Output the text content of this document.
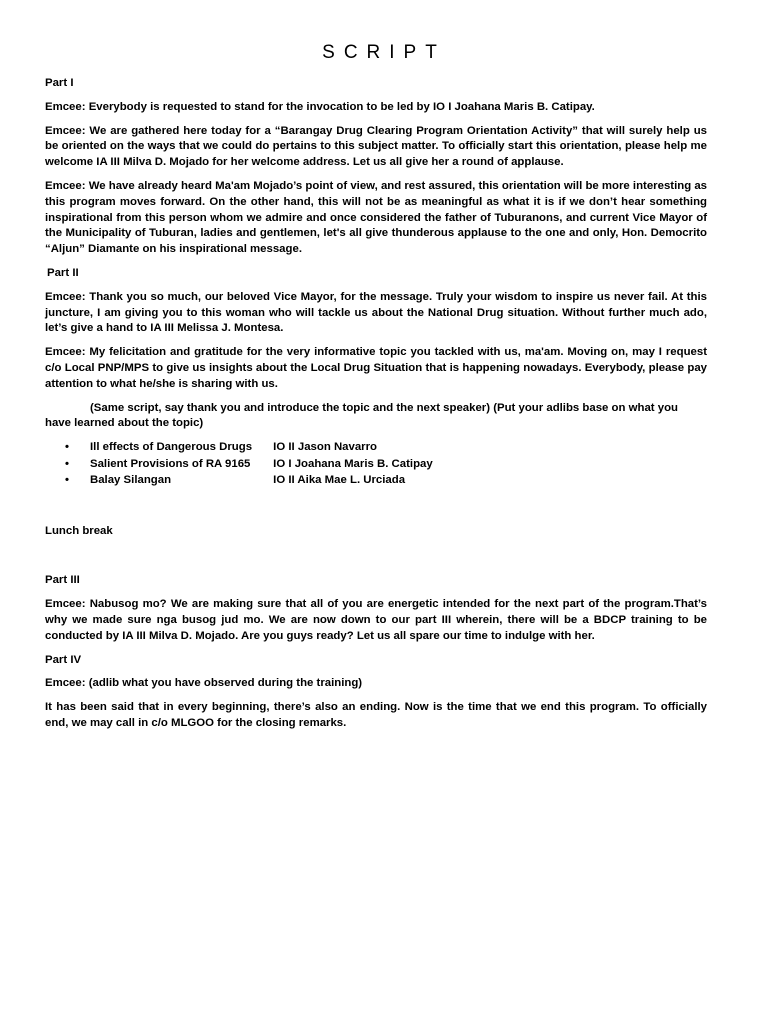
SCRIPT
Part I
Emcee: Everybody is requested to stand for the invocation to be led by IO I Joahana Maris B. Catipay.
Emcee: We are gathered here today for a “Barangay Drug Clearing Program Orientation Activity” that will surely help us be oriented on the ways that we could do pertains to this subject matter. To officially start this orientation, please help me welcome IA III Milva D. Mojado for her welcome address. Let us all give her a round of applause.
Emcee: We have already heard Ma'am Mojado’s point of view, and rest assured, this orientation will be more interesting as this program moves forward. On the other hand, this will not be as meaningful as what it is if we don’t hear something inspirational from this person whom we admire and once considered the father of Tuburanons, and current Vice Mayor of the Municipality of Tuburan, ladies and gentlemen, let's all give thunderous applause to the one and only, Hon. Democrito “Aljun” Diamante on his inspirational message.
Part II
Emcee: Thank you so much, our beloved Vice Mayor, for the message. Truly your wisdom to inspire us never fail. At this juncture, I am giving you to this woman who will tackle us about the National Drug situation. Without further much ado, let’s give a hand to IA III Melissa J. Montesa.
Emcee: My felicitation and gratitude for the very informative topic you tackled with us, ma'am. Moving on, may I request c/o Local PNP/MPS to give us insights about the Local Drug Situation that is happening nowadays. Everybody, please pay attention to what he/she is sharing with us.
(Same script, say thank you and introduce the topic and the next speaker) (Put your adlibs base on what you have learned about the topic)
• Ill effects of Dangerous Drugs IO II Jason Navarro
• Salient Provisions of RA 9165 IO I Joahana Maris B. Catipay
• Balay Silangan	IO II Aika Mae L. Urciada
Lunch break
Part III
Emcee: Nabusog mo? We are making sure that all of you are energetic intended for the next part of the program.That’s why we made sure nga busog jud mo. We are now down to our part III wherein, there will be a BDCP training to be conducted by IA III Milva D. Mojado. Are you guys ready? Let us all spare our time to indulge with her.
Part IV
Emcee: (adlib what you have observed during the training)
It has been said that in every beginning, there’s also an ending. Now is the time that we end this program. To officially end, we may call in c/o MLGOO for the closing remarks.
